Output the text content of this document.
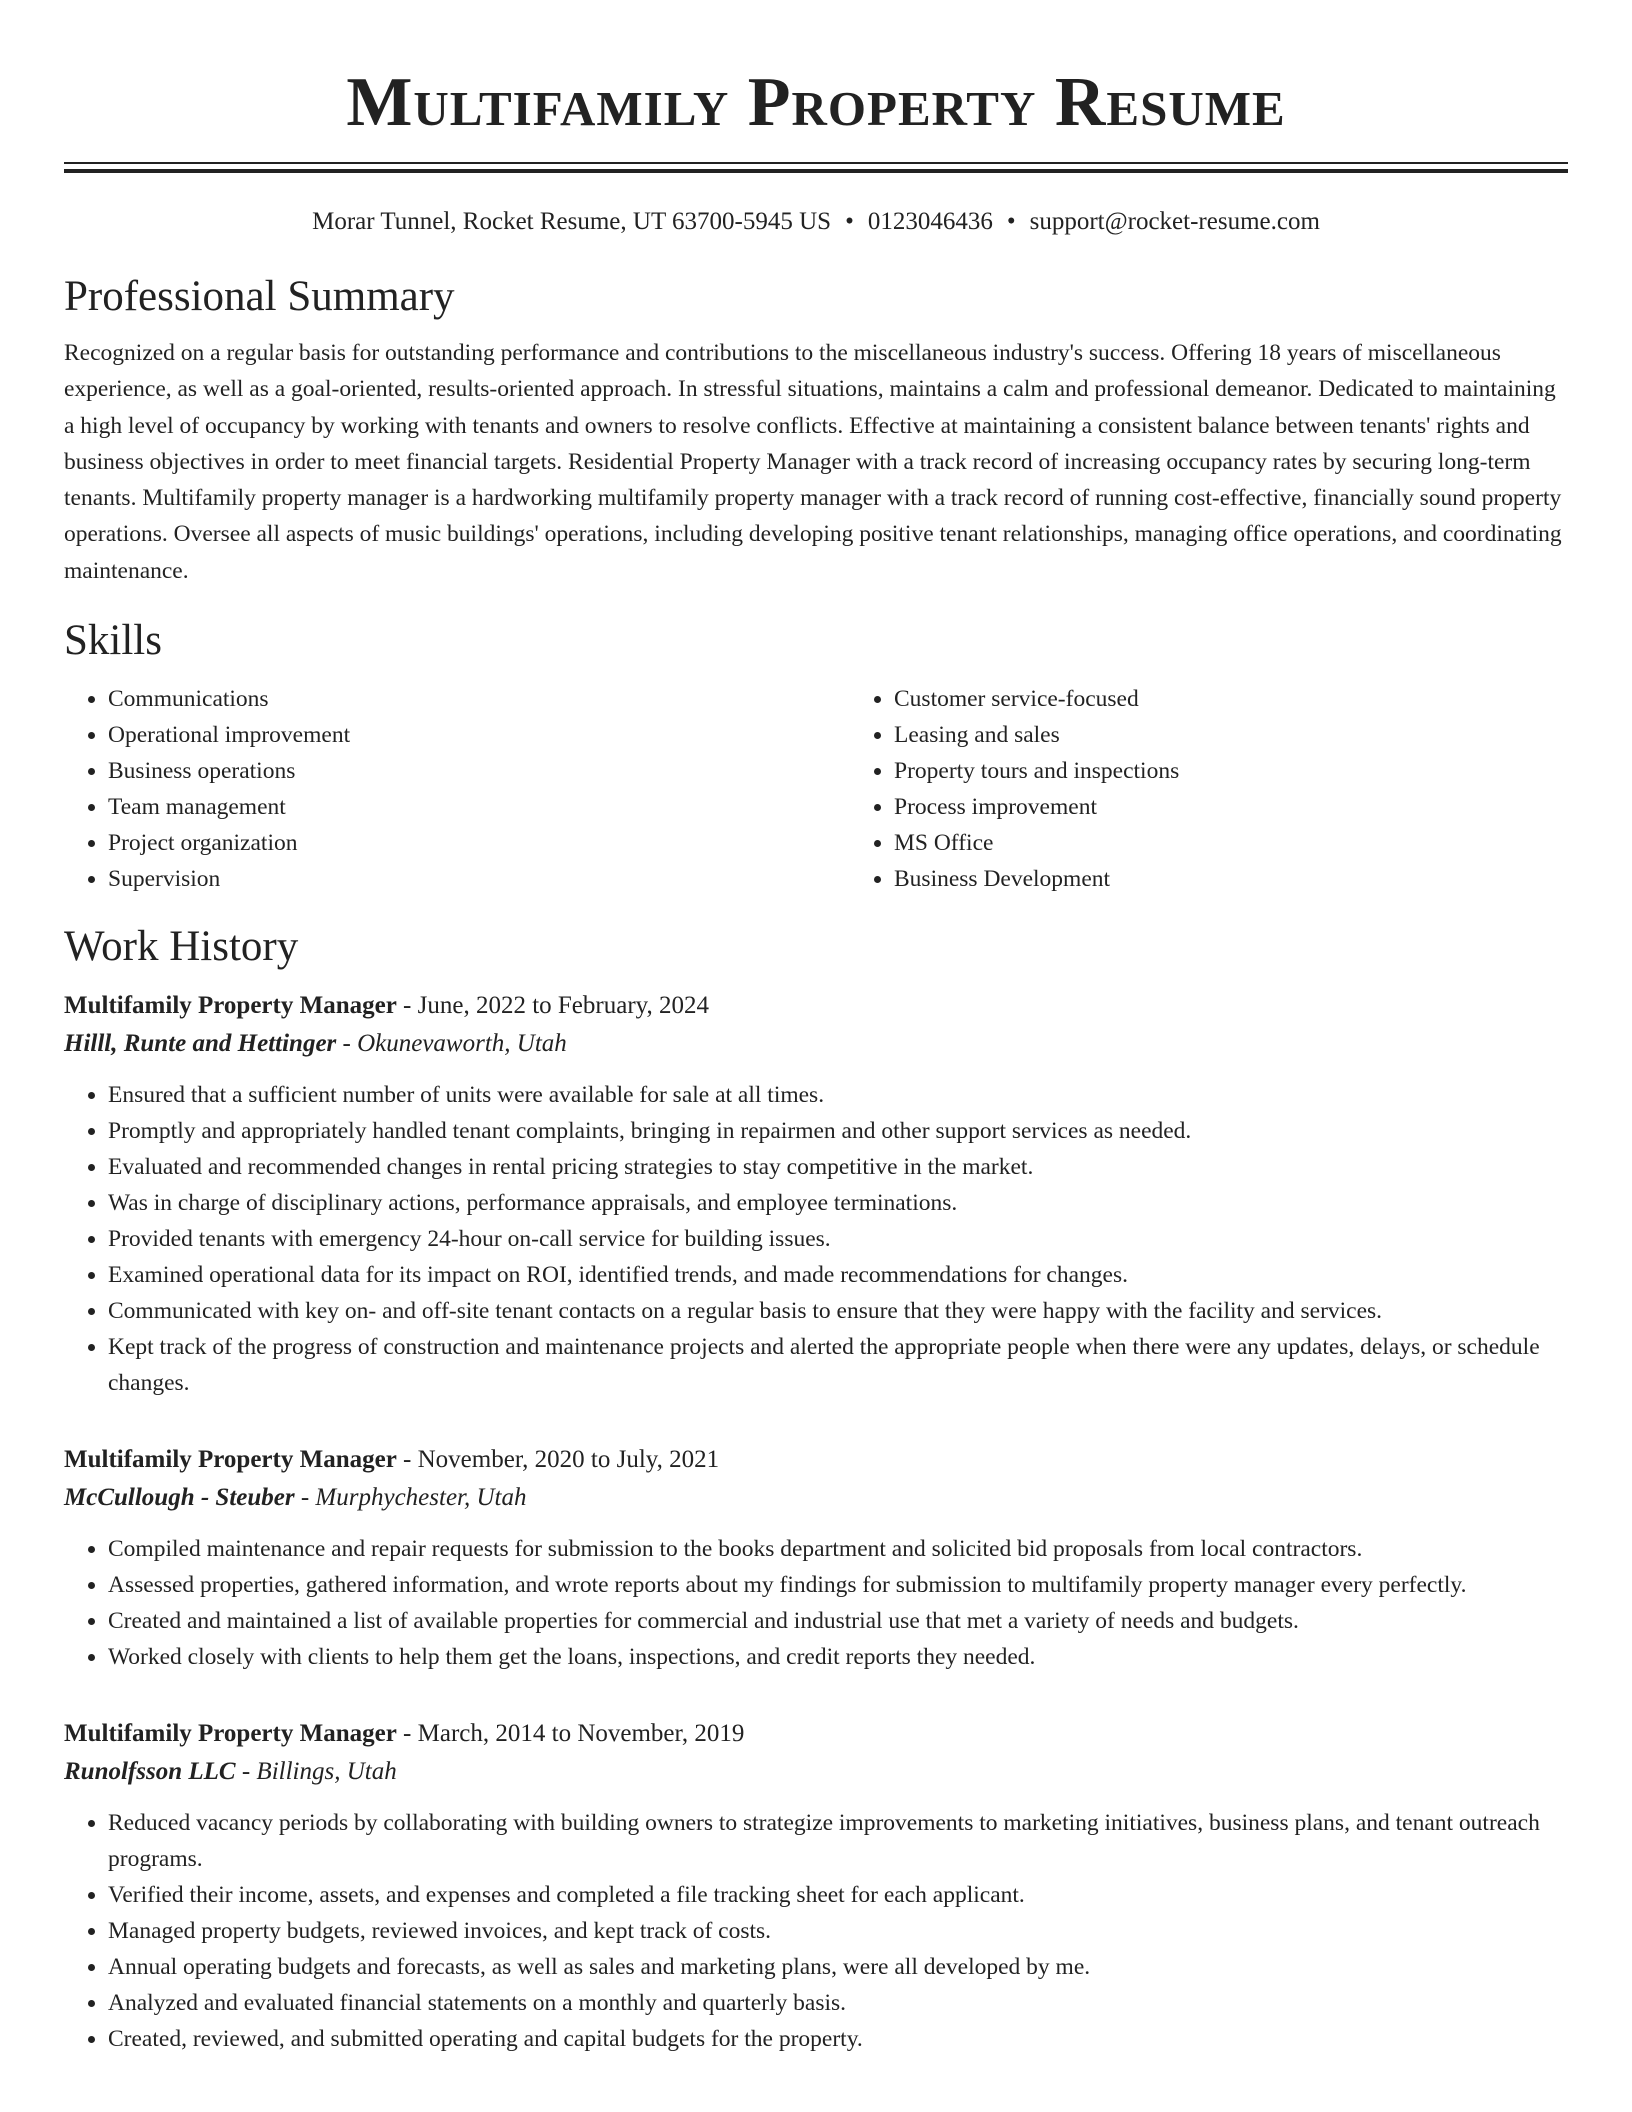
Multifamily Property Resume
Morar Tunnel, Rocket Resume, UT 63700-5945 US • 0123046436 • support@rocket-resume.com
Professional Summary

Recognized on a regular basis for outstanding performance and contributions to the miscellaneous industry's success. Offering 18 years of miscellaneous experience, as well as a goal-oriented, results-oriented approach. In stressful situations, maintains a calm and professional demeanor. Dedicated to maintaining a high level of occupancy by working with tenants and owners to resolve conflicts. Effective at maintaining a consistent balance between tenants' rights and business objectives in order to meet financial targets. Residential Property Manager with a track record of increasing occupancy rates by securing long-term tenants. Multifamily property manager is a hardworking multifamily property manager with a track record of running cost-effective, financially sound property operations. Oversee all aspects of music buildings' operations, including developing positive tenant relationships, managing office operations, and coordinating maintenance.

Skills
• Communications
• Operational improvement
• Business operations
• Team management
• Project organization
• Supervision
• Customer service-focused
• Leasing and sales
• Property tours and inspections
• Process improvement
• MS Office
• Business Development
Work History
Multifamily Property Manager - June, 2022 to February, 2024
Hilll, Runte and Hettinger - Okunevaworth, Utah
• Ensured that a sufficient number of units were available for sale at all times.
• Promptly and appropriately handled tenant complaints, bringing in repairmen and other support services as needed.
• Evaluated and recommended changes in rental pricing strategies to stay competitive in the market.
• Was in charge of disciplinary actions, performance appraisals, and employee terminations.
• Provided tenants with emergency 24-hour on-call service for building issues.
• Examined operational data for its impact on ROI, identified trends, and made recommendations for changes.
• Communicated with key on- and off-site tenant contacts on a regular basis to ensure that they were happy with the facility and services.
• Kept track of the progress of construction and maintenance projects and alerted the appropriate people when there were any updates, delays, or schedule changes.
Multifamily Property Manager - November, 2020 to July, 2021
McCullough - Steuber - Murphychester, Utah
• Compiled maintenance and repair requests for submission to the books department and solicited bid proposals from local contractors.
• Assessed properties, gathered information, and wrote reports about my findings for submission to multifamily property manager every perfectly.
• Created and maintained a list of available properties for commercial and industrial use that met a variety of needs and budgets.
• Worked closely with clients to help them get the loans, inspections, and credit reports they needed.
Multifamily Property Manager - March, 2014 to November, 2019
Runolfsson LLC - Billings, Utah
• Reduced vacancy periods by collaborating with building owners to strategize improvements to marketing initiatives, business plans, and tenant outreach programs.
• Verified their income, assets, and expenses and completed a file tracking sheet for each applicant.
• Managed property budgets, reviewed invoices, and kept track of costs.
• Annual operating budgets and forecasts, as well as sales and marketing plans, were all developed by me.
• Analyzed and evaluated financial statements on a monthly and quarterly basis.
• Created, reviewed, and submitted operating and capital budgets for the property.
